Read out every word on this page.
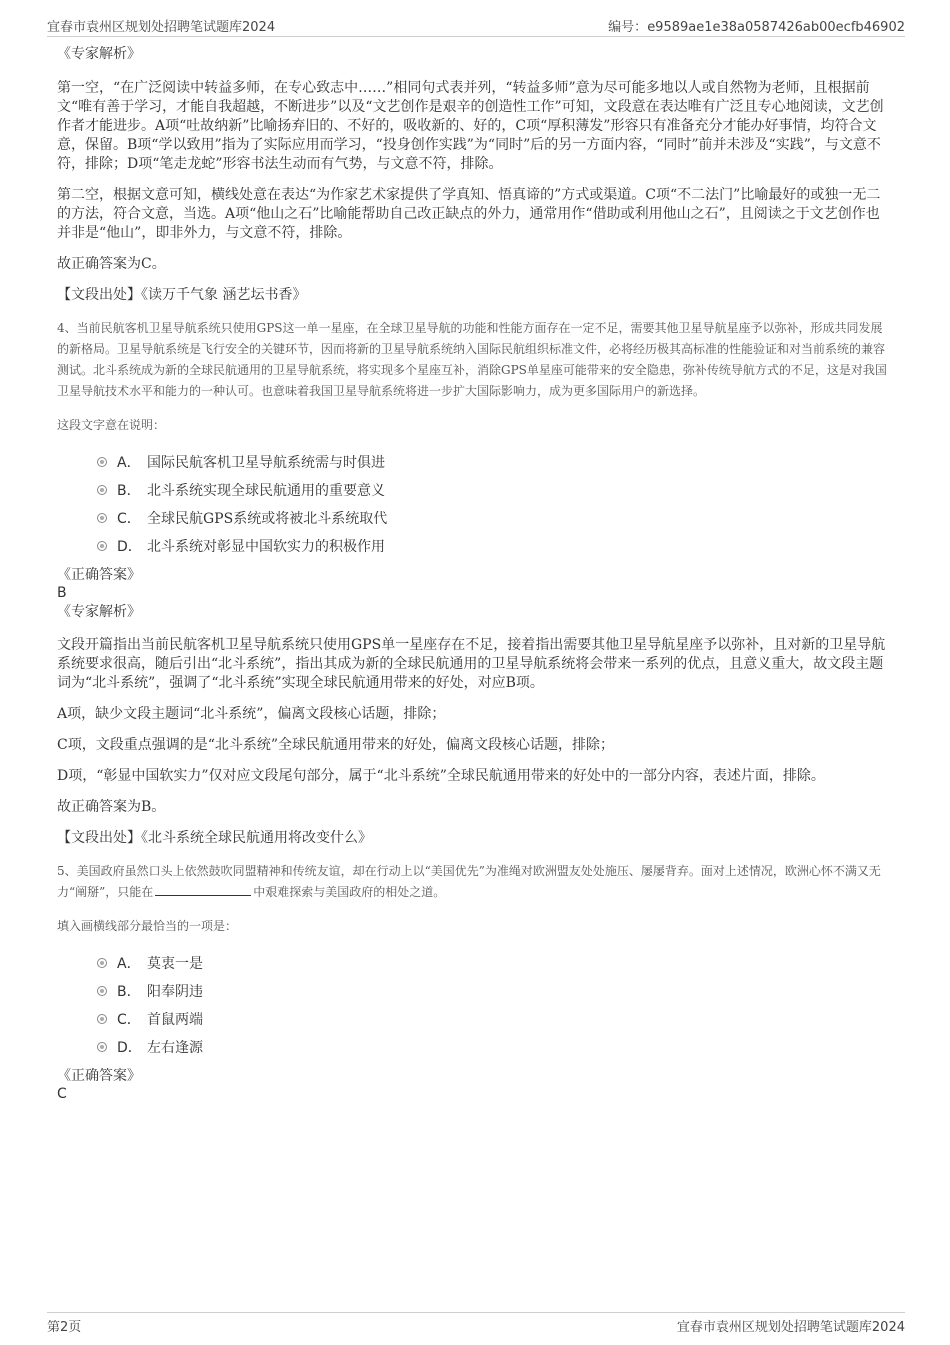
宜春市袁州区规划处招聘笔试题库2024	编号：e9589ae1e38a0587426ab00ecfb46902
《专家解析》

第一空，“在广泛阅读中转益多师，在专心致志中……”相同句式表并列，“转益多师”意为尽可能多地以人或自然物为老师，且根据前文“唯有善于学习，才能自我超越，不断进步”以及“文艺创作是艰辛的创造性工作”可知，文段意在表达唯有广泛且专心地阅读，文艺创作者才能进步。A项“吐故纳新”比喻扬弃旧的、不好的，吸收新的、好的，C项“厚积薄发”形容只有准备充分才能办好事情，均符合文意，保留。B项“学以致用”指为了实际应用而学习，“投身创作实践”为“同时”后的另一方面内容，“同时”前并未涉及“实践”，与文意不符，排除；D项“笔走龙蛇”形容书法生动而有气势，与文意不符，排除。

第二空，根据文意可知，横线处意在表达“为作家艺术家提供了学真知、悟真谛的”方式或渠道。C项“不二法门”比喻最好的或独一无二的方法，符合文意，当选。A项“他山之石”比喻能帮助自己改正缺点的外力，通常用作“借助或利用他山之石”，且阅读之于文艺创作也并非是“他山”，即非外力，与文意不符，排除。

故正确答案为C。

【文段出处】《读万千气象 涵艺坛书香》

4、当前民航客机卫星导航系统只使用GPS这一单一星座，在全球卫星导航的功能和性能方面存在一定不足，需要其他卫星导航星座予以弥补，形成共同发展的新格局。卫星导航系统是飞行安全的关键环节，因而将新的卫星导航系统纳入国际民航组织标准文件，必将经历极其高标准的性能验证和对当前系统的兼容测试。北斗系统成为新的全球民航通用的卫星导航系统，将实现多个星座互补，消除GPS单星座可能带来的安全隐患，弥补传统导航方式的不足，这是对我国卫星导航技术水平和能力的一种认可。也意味着我国卫星导航系统将进一步扩大国际影响力，成为更多国际用户的新选择。

这段文字意在说明：
A． 国际民航客机卫星导航系统需与时俱进
B． 北斗系统实现全球民航通用的重要意义
C． 全球民航GPS系统或将被北斗系统取代
D． 北斗系统对彰显中国软实力的积极作用
《正确答案》
B
《专家解析》

文段开篇指出当前民航客机卫星导航系统只使用GPS单一星座存在不足，接着指出需要其他卫星导航星座予以弥补，且对新的卫星导航系统要求很高，随后引出“北斗系统”，指出其成为新的全球民航通用的卫星导航系统将会带来一系列的优点，且意义重大，故文段主题词为“北斗系统”，强调了“北斗系统”实现全球民航通用带来的好处，对应B项。

A项，缺少文段主题词“北斗系统”，偏离文段核心话题，排除；

C项，文段重点强调的是“北斗系统”全球民航通用带来的好处，偏离文段核心话题，排除；

D项，“彰显中国软实力”仅对应文段尾句部分，属于“北斗系统”全球民航通用带来的好处中的一部分内容，表述片面，排除。

故正确答案为B。

【文段出处】《北斗系统全球民航通用将改变什么》

5、美国政府虽然口头上依然鼓吹同盟精神和传统友谊，却在行动上以“美国优先”为准绳对欧洲盟友处处施压、屡屡背弃。面对上述情况，欧洲心怀不满又无力“阐掰”，只能在	中艰难探索与美国政府的相处之道。

填入画横线部分最恰当的一项是：
A． 莫衷一是
B． 阳奉阴违
C． 首鼠两端
D． 左右逢源
《正确答案》
C
第2页	宜春市袁州区规划处招聘笔试题库2024
